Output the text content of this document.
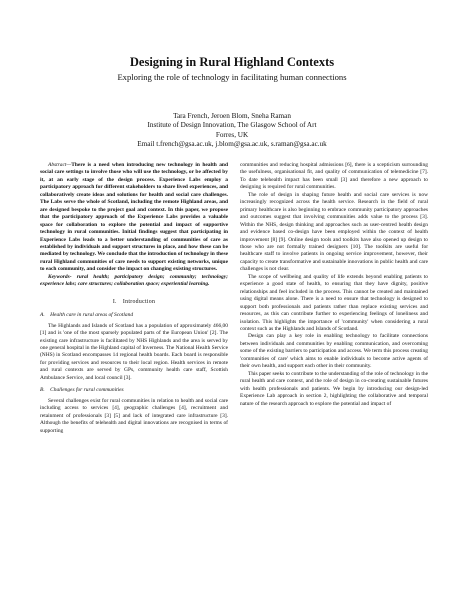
Designing in Rural Highland Contexts
Exploring the role of technology in facilitating human connections
Tara French, Jeroen Blom, Sneha Raman
Institute of Design Innovation, The Glasgow School of Art
Forres, UK
Email t.french@gsa.ac.uk, j.blom@gsa.ac.uk, s.raman@gsa.ac.uk

Abstract—There is a need when introducing new technology in health and social care settings to involve those who will use the technology, or be affected by it, at an early stage of the design process. Experience Labs employ a participatory approach for different stakeholders to share lived experiences, and collaboratively create ideas and solutions for health and social care challenges. The Labs serve the whole of Scotland, including the remote Highland areas, and are designed bespoke to the project goal and context. In this paper, we propose that the participatory approach of the Experience Labs provides a valuable space for collaboration to explore the potential and impact of supportive technology in rural communities. Initial findings suggest that participating in Experience Labs leads to a better understanding of communities of care as established by individuals and support structures in place, and how these can be mediated by technology. We conclude that the introduction of technology in these rural Highland communities of care needs to support existing networks, unique to each community, and consider the impact on changing existing structures.

Keywords- rural health; participatory design; community; technology; experience labs; care structures; collaboration space; experiential learning.

I. Introduction
A. Health care in rural areas of Scotland

The Highlands and Islands of Scotland has a population of approximately 466,00 [1] and is 'one of the most sparsely populated parts of the European Union' [2]. The existing care infrastructure is facilitated by NHS Highlands and the area is served by one general hospital in the Highland capital of Inverness. The National Health Service (NHS) in Scotland encompasses 14 regional health boards. Each board is responsible for providing services and resources to their local region. Health services in remote and rural contexts are served by GPs, community health care staff, Scottish Ambulance Service, and local council [3].

B. Challenges for rural communities

Several challenges exist for rural communities in relation to health and social care including access to services [4], geographic challenges [4], recruitment and retainment of professionals [3] [5] and lack of integrated care infrastructure [3]. Although the benefits of telehealth and digital innovations are recognised in terms of supporting

communities and reducing hospital admissions [6], there is a scepticism surrounding the usefulness, organisational fit, and quality of communication of telemedicine [7]. To date telehealth impact has been small [3] and therefore a new approach to designing is required for rural communities.

The role of design in shaping future health and social care services is now increasingly recognized across the health service. Research in the field of rural primary healthcare is also beginning to embrace community participatory approaches and outcomes suggest that involving communities adds value to the process [3]. Within the NHS, design thinking and approaches such as user-centred health design and evidence based co-design have been employed within the context of health improvement [8] [9]. Online design tools and toolkits have also opened up design to those who are not formally trained designers [10]. The toolkits are useful for healthcare staff to involve patients in ongoing service improvement, however, their capacity to create transformative and sustainable innovations in public health and care challenges is not clear.

The scope of wellbeing and quality of life extends beyond enabling patients to experience a good state of health, to ensuring that they have dignity, positive relationships and feel included in the process. This cannot be created and maintained using digital means alone. There is a need to ensure that technology is designed to support both professionals and patients rather than replace existing services and resources, as this can contribute further to experiencing feelings of loneliness and isolation. This highlights the importance of 'community' when considering a rural context such as the Highlands and Islands of Scotland.

Design can play a key role in enabling technology to facilitate connections between individuals and communities by enabling communication, and overcoming some of the existing barriers to participation and access. We term this process creating 'communities of care' which aims to enable individuals to become active agents of their own health, and support each other in their community.

This paper seeks to contribute to the understanding of the role of technology in the rural health and care context, and the role of design in co-creating sustainable futures with health professionals and patients. We begin by introducing our design-led Experience Lab approach in section 2, highlighting the collaborative and temporal nature of the research approach to explore the potential and impact of
